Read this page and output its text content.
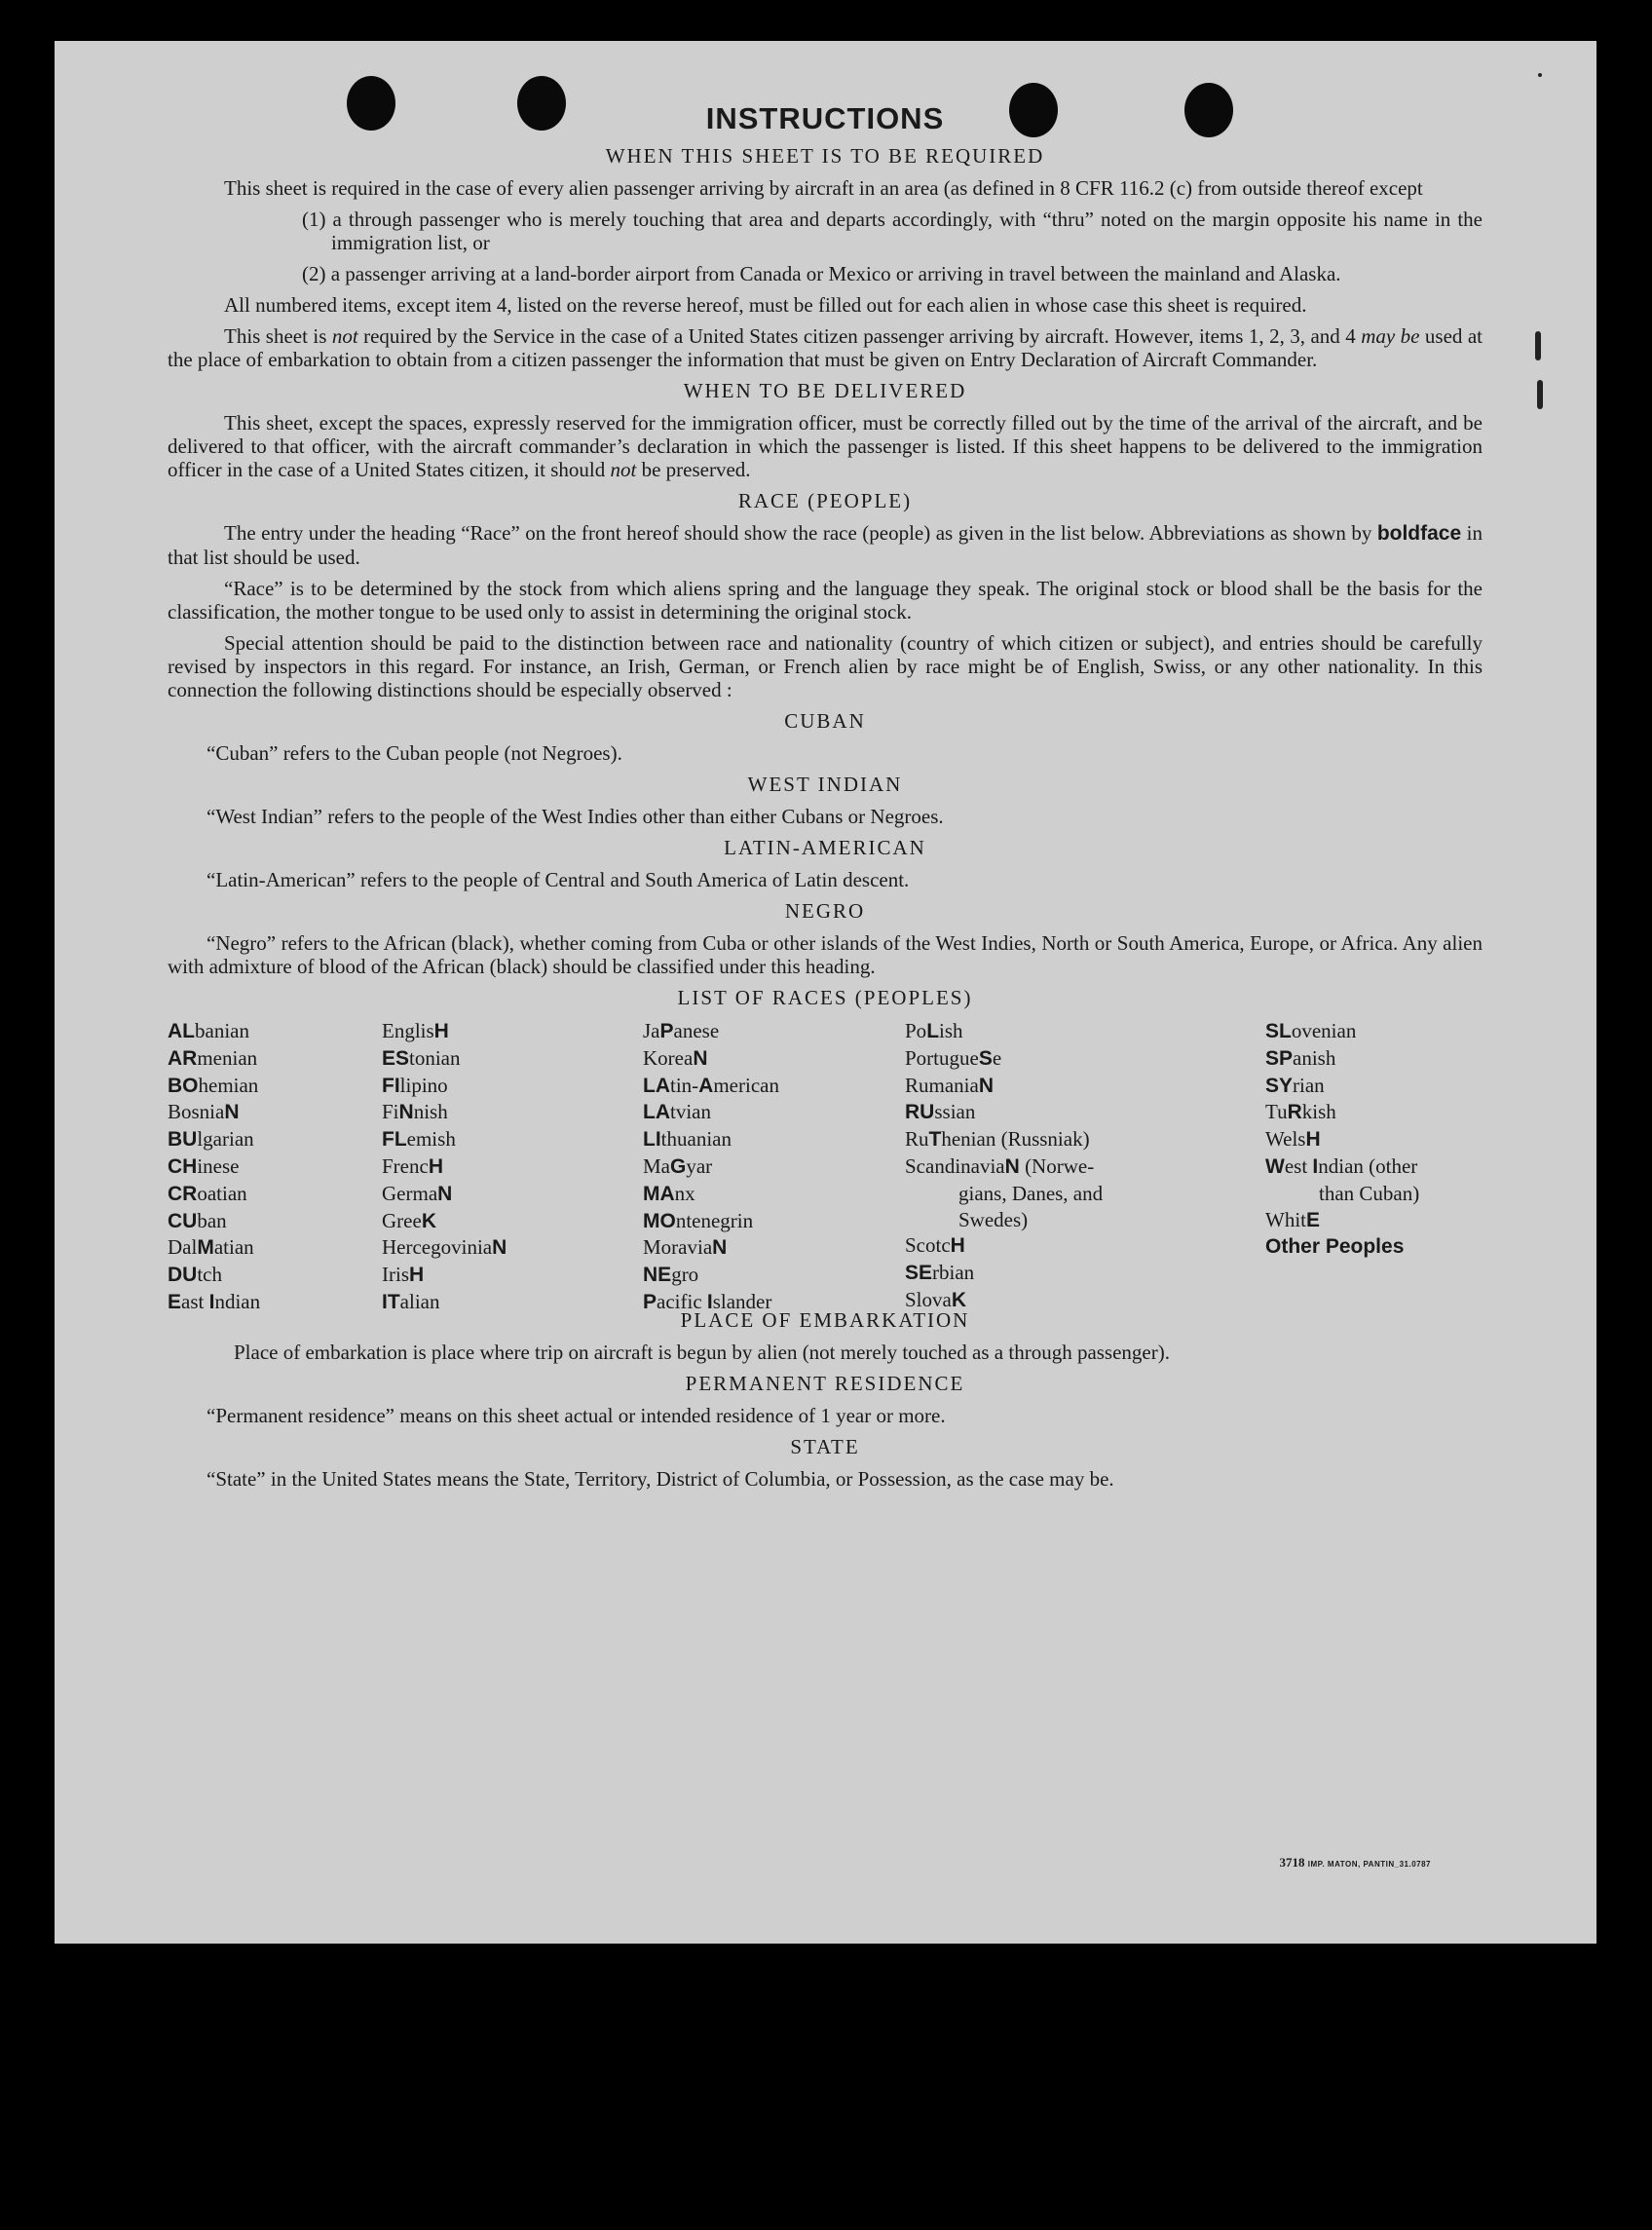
INSTRUCTIONS
WHEN THIS SHEET IS TO BE REQUIRED

This sheet is required in the case of every alien passenger arriving by aircraft in an area (as defined in 8 CFR 116.2 (c) from outside thereof except

(1) a through passenger who is merely touching that area and departs accordingly, with “thru” noted on the margin opposite his name in the immigration list, or
(2) a passenger arriving at a land-border airport from Canada or Mexico or arriving in travel between the mainland and Alaska.

All numbered items, except item 4, listed on the reverse hereof, must be filled out for each alien in whose case this sheet is required.

This sheet is not required by the Service in the case of a United States citizen passenger arriving by aircraft. However, items 1, 2, 3, and 4 may be used at the place of embarkation to obtain from a citizen passenger the information that must be given on Entry Declaration of Aircraft Commander.

WHEN TO BE DELIVERED

This sheet, except the spaces, expressly reserved for the immigration officer, must be correctly filled out by the time of the arrival of the aircraft, and be delivered to that officer, with the aircraft commander’s declaration in which the passenger is listed. If this sheet happens to be delivered to the immigration officer in the case of a United States citizen, it should not be preserved.

RACE (PEOPLE)

The entry under the heading “Race” on the front hereof should show the race (people) as given in the list below. Abbreviations as shown by boldface in that list should be used.

“Race” is to be determined by the stock from which aliens spring and the language they speak. The original stock or blood shall be the basis for the classification, the mother tongue to be used only to assist in determining the original stock.

Special attention should be paid to the distinction between race and nationality (country of which citizen or subject), and entries should be carefully revised by inspectors in this regard. For instance, an Irish, German, or French alien by race might be of English, Swiss, or any other nationality. In this connection the following distinctions should be especially observed :

CUBAN

“Cuban” refers to the Cuban people (not Negroes).

WEST INDIAN

“West Indian” refers to the people of the West Indies other than either Cubans or Negroes.

LATIN-AMERICAN

“Latin-American” refers to the people of Central and South America of Latin descent.

NEGRO

“Negro” refers to the African (black), whether coming from Cuba or other islands of the West Indies, North or South America, Europe, or Africa. Any alien with admixture of blood of the African (black) should be classified under this heading.

LIST OF RACES (PEOPLES)
ALbanian
ARmenian
BOhemian
BosniaN
BUlgarian
CHinese
CRoatian
CUban
DalMatian
DUtch
East Indian
EnglisH
EStonian
FIlipino
FiNnish
FLemish
FrencH
GermaN
GreeK
HercegoviniaN
IrisH
ITalian
JaPanese
KoreaN
LAtin-American
LAtvian
LIthuanian
MaGyar
MAnx
MOntenegrin
MoraviaN
NEgro
Pacific Islander
PoLish
PortugueSe
RumaniaN
RUssian
RuThenian (Russniak)
ScandinaviaN (Norwe-
gians, Danes, and
Swedes)
ScotcH
SErbian
SlovaK
SLovenian
SPanish
SYrian
TuRkish
WelsH
West Indian (other
than Cuban)
WhitE
Other Peoples
PLACE OF EMBARKATION

Place of embarkation is place where trip on aircraft is begun by alien (not merely touched as a through passenger).

PERMANENT RESIDENCE

“Permanent residence” means on this sheet actual or intended residence of 1 year or more.

STATE

“State” in the United States means the State, Territory, District of Columbia, or Possession, as the case may be.

3718 IMP. MATON, PANTIN_31.0787
